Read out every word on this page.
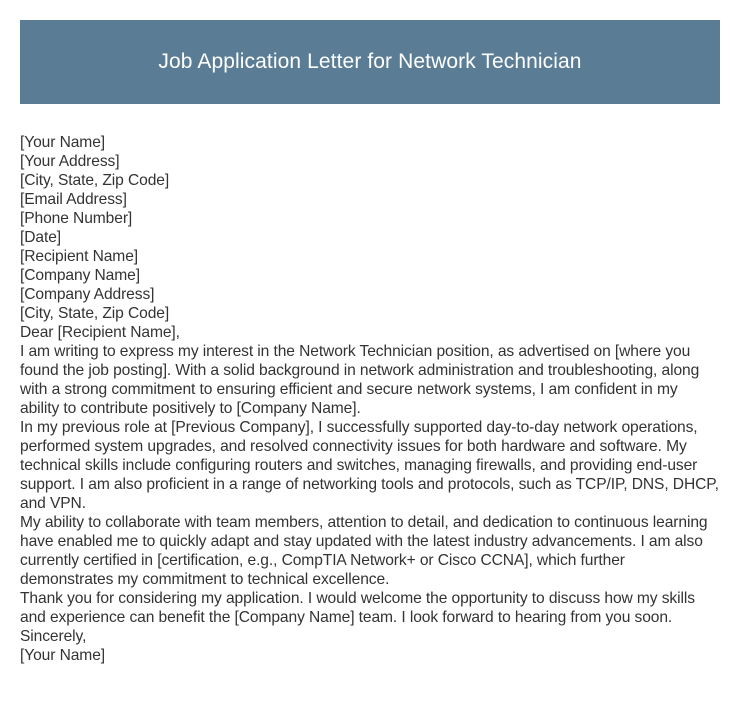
Job Application Letter for Network Technician

[Your Name]

[Your Address]

[City, State, Zip Code]

[Email Address]

[Phone Number]

[Date]

[Recipient Name]

[Company Name]

[Company Address]

[City, State, Zip Code]

Dear [Recipient Name],

I am writing to express my interest in the Network Technician position, as advertised on [where you found the job posting]. With a solid background in network administration and troubleshooting, along with a strong commitment to ensuring efficient and secure network systems, I am confident in my ability to contribute positively to [Company Name].

In my previous role at [Previous Company], I successfully supported day-to-day network operations, performed system upgrades, and resolved connectivity issues for both hardware and software. My technical skills include configuring routers and switches, managing firewalls, and providing end-user support. I am also proficient in a range of networking tools and protocols, such as TCP/IP, DNS, DHCP, and VPN.

My ability to collaborate with team members, attention to detail, and dedication to continuous learning have enabled me to quickly adapt and stay updated with the latest industry advancements. I am also currently certified in [certification, e.g., CompTIA Network+ or Cisco CCNA], which further demonstrates my commitment to technical excellence.

Thank you for considering my application. I would welcome the opportunity to discuss how my skills and experience can benefit the [Company Name] team. I look forward to hearing from you soon.

Sincerely,

[Your Name]
